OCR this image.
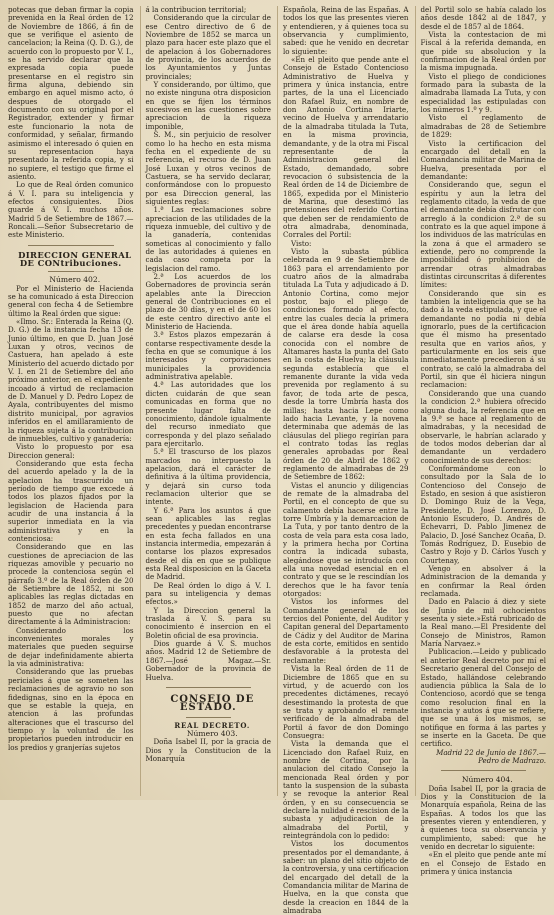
potecas que deban firmar la copia prevenida en la Real órden de 12 de Noviembre de 1866, á fin de que se verifique el asiento de cancelacion; la Reina (Q. D. G.), de acuerdo con lo propuesto por V. I., se ha servido declarar que la expresada copia puede presentarse en el registro sin firma alguna, debiendo sin embargo en aquel mismo acto, ó despues de otorgado el documento con su original por el Registrador, extender y firmar este funcionario la nota de conformidad, y señalar, firmando asimismo el interesado ó quien en su representacion haya presentado la referida copia, y si no supiere, el testigo que firme el asiento.

Lo que de Real órden comunico á V. I. para su inteligencia y efectos consiguientes. Dios guarde á V. I. muchos años. Madrid 5 de Setiembre de 1867.—Roncali.—Señor Subsecretario de este Ministerio.

DIRECCION GENERAL DE CONtribuciones.

Número 402.

Por el Ministerio de Hacienda se ha comunicado á esta Direccion general con fecha 4 de Setiembre último la Real órden que sigue:

«Ilmo. Sr.: Enterada la Reina (Q. D. G.) de la instancia fecha 13 de Junio último, en que D. Juan José Luxan y otros, vecinos de Castuera, han apelado á este Ministerio del acuerdo dictado por V. I. en 21 de Setiembre del año próximo anterior, en el expediente incoado á virtud de reclamacion de D. Manuel y D. Pedro Lopez de Ayala, contribuyentes del mismo distrito municipal, por agravios inferidos en el amillaramiento de la riqueza sujeta á la contribucion de inmuebles, cultivo y ganadería:

Visto lo propuesto por esa Direccion general:

Considerando que esta fecha del acuerdo apelado y la de la apelacion ha trascurrido un período de tiempo que excede á todos los plazos fijados por la legislacion de Hacienda para acudir de una instancia á la superior inmediata en la via administrativa y en la contenciosa:

Considerando que en las cuestiones de apreciacion de las riquezas amovible y pecuario no procede la contenciosa según el párrafo 3.º de la Real órden de 20 de Setiembre de 1852, ni son aplicables las reglas dictadas en 1852 de marzo del año actual, puesto que no afectan directamente á la Administracion:

Considerando los inconvenientes morales y materiales que pueden seguirse de dejar indefinidamente abierta la via administrativa:

Considerando que las pruebas periciales á que se someten las reclamaciones de agravio no son fidedignas, sino en la época en que se estable la queja, en atencion á las profundas alteraciones que el trascurso del tiempo y la voluntad de los propietarios pueden introducir en los predios y granjerías sujetos

á la contribucion territorial;

Considerando que la circular de ese Centro directivo de 6 de Noviembre de 1852 se marca un plazo para hacer este plazo que el de apelacion á los Gobernadores de provincia, de los acuerdos de los Ayuntamientos y Juntas provinciales;

Y considerando, por último, que no existe ninguna otra disposicion en que se fijen los términos sucesivos en las cuestiones sobre apreciacion de la riqueza imponible,

S. M., sin perjuicio de resolver como lo ha hecho en esta misma fecha en el expediente de su referencia, el recurso de D. Juan José Luxan y otros vecinos de Castuera, se ha servido declarar, conformándose con lo propuesto por esa Direccion general, las siguientes reglas:

1.ª Las reclamaciones sobre apreciacion de las utilidades de la riqueza inmueble, del cultivo y de la ganadería, contenidas someticas al conocimiento y fallo de las autoridades á quienes en cada caso competa por la legislacion del ramo.

2.ª Los acuerdos de los Gobernadores de provincia serán apelables ante la Direccion general de Contribuciones en el plazo de 30 días, y en el de 60 los de este centro directivo ante el Ministerio de Hacienda.

3.ª Estos plazos empezarán á contarse respectivamente desde la fecha en que se comunique á los interesados y corporaciones municipales la providencia administrativa apelable.

4.ª Las autoridades que los dicten cuidarán de que sean comunicadas en forma que no presente lugar falta de conocimiento, dándole igualmente del recurso inmediato que corresponda y del plazo señalado para ejercitarlo.

5.ª El trascurso de los plazos marcados no interpuesto la apelacion, dará el carácter de definitiva á la última providencia, y dejará sin curso toda reclamacion ulterior que se intente.

Y 6.ª Para los asuntos á que sean aplicables las reglas precedentes y puedan encontrarse en esta fecha fallados en una instancia intermedia, empezarán á contarse los plazos expresados desde el día en que se publique esta Real disposicion en la Gaceta de Madrid.

De Real órden lo digo á V. I. para su inteligencia y demas efectos.»

Y la Direccion general la traslada á V. S. para su conocimiento é insercion en el Boletin oficial de esa provincia.

Dios guarde á V. S. muchos años. Madrid 12 de Setiembre de 1867.—José Magaz.—Sr. Gobernador de la provincia de Huelva.

CONSEJO DE ESTADO.

REAL DECRETO.

Número 403.

Doña Isabel II, por la gracia de Dios y la Constitucion de la Monarquía

Española, Reina de las Españas. A todos los que las presentes vieren y entendieren, y á quienes toca su observancia y cumplimiento, sabed: que he venido en decretar lo siguiente:

«En el pleito que pende ante el Consejo de Estado Contencioso Administrativo de Huelva y primera y única instancia, entre partes, de la una el Licenciado don Rafael Ruiz, en nombre de don Antonio Cortina Iriarte, vecino de Huelva y arrendatario de la almadraba titulada la Tuta, en la misma provincia, demandante, y de la otra mi Fiscal representante de la Administracion general del Estado, demandado, sobre revocacion ó subsistencia de la Real órden de 14 de Diciembre de 1865, expedida por el Ministerio de Marina, que desestimó las pretensiones del referido Cortina que deben ser de rendamiento de otra almadraba, denominada, Corrales del Portil:

Visto:

Visto la subasta pública celebrada en 9 de Setiembre de 1863 para el arrendamiento por cuatro años de la almadraba titulada La Tuta y adjudicado á D. Antonio Cortina, como mejor postor, bajo el pliego de condiciones formado al efecto, entre las cuales decía la primera que el área donde había aquella de calarse era desde la cosa conocida con el nombre de Altamares hasta la punta del Gato en la costa de Huelva; la cláusula segunda establecía que el remanente durante la vida veda prevenida por reglamento á su favor, de toda arte de pesca, desde la torre Umbría hasta dos millas; hasta hacia Lepe como lado hacia Levante, y la novena determinaba que además de las cláusulas del pliego regirían para el contrato todas las reglas generales aprobadas por Real órden de 20 de Abril de 1862 y reglamento de almadrabas de 29 de Setiembre de 1862:

Vistas el anuncio y diligencias de remate de la almadraba del Portil, en el concepto de que su calamento debía hacerse entre la torre Umbría y la demarcacion de La Tuta, y por tanto dentro de la costa de vela para esta cosa lado, y la primera hecha por Cortina contra la indicada subasta, alegándose que se introducía con ella una novedad esencial en el contrato y que se le rescindían los derechos que le ha favor tenía otorgados:

Vistos los informes del Comandante general de los tercios del Poniente, del Auditor y Capitan general del Departamento de Cádiz y del Auditor de Marina de esta corte, emitidos en sentido desfavorable á la protesta del reclamante:

Vista la Real órden de 11 de Diciembre de 1865 que en su virtud, y de acuerdo con los precedentes dictámenes, recayó desestimando la protesta de que se trata y aprobando el remate verificado de la almadraba del Portil á favor de don Domingo Consuegra:

Vista la demanda que el Licenciado don Rafael Ruiz, en nombre de Cortina, por la anulacion del citado Consejo la mencionada Real órden y por tanto la suspension de la subasta y se revoque la anterior Real órden, y en su consecuencia se declare la nulidad é rescision de la subasta y adjudicacion de la almadraba del Portil, y reintegrándola con lo pedido:

Vistos los documentos presentados por el demandante, á saber: un plano del sitio objeto de la controversia, y una certificacion del encargado del detall de la Comandancia militar de Marina de Huelva, en la que consta que desde la creacion en 1844 de la almadraba

del Portil solo se había calado los años desde 1842 al de 1847, y desde el de 1857 al de 1864.

Vista la contestacion de mi Fiscal á la referida demanda, en que pide su absolucion y la confirmacion de la Real órden por la misma impugnada.

Visto el pliego de condiciones formado para la subasta de la almadraba llamada La Tuta, y con especialidad las estipuladas con los números 1.º y 9.

Visto el reglamento de almadrabas de 28 de Setiembre de 1829:

Visto la certificacion del encargado del detall en la Comandancia militar de Marina de Huelva, presentada por el demandante:

Considerando que, segun el espíritu y aun la letra del reglamento citado, la veda de que el demandante debía disfrutar con arreglo á la condicion 2.ª de su contrato es la que aquel impone á los individuos de las matrículas en la zona á que el armadero se extiende, pero no comprende la imposibilidad ó prohibicion de arrendar otras almadrabas distintas circunscritas á diferentes límites:

Considerando que sin es tambien la inteligencia que se ha dado á la veda estipulada, y que el demandante no podía ni debía ignorarlo, pues de la certificacion que él mismo ha presentado resulta que en varios años, y particularmente en los seis que inmediatamente precedieron á su contrato, se caló la almadraba del Portil, sin que él hiciera ningun reclamacion:

Considerando que una cuando la condicion 2.ª hubiera ofrecido alguna duda, la referencia que en la 9.ª se hace al reglamento de almadrabas, y la necesidad de observarle, le habrían aclarado y de todos modos deberían dar al demandante un verdadero conocimiento de sus derechos:

Conformándome con lo consultado por la Sala de lo Contencioso del Consejo de Estado, en sesion á que asistieron D. Domingo Ruiz de la Vega, Presidente, D. José Lorenzo, D. Antonio Escudero, D. Andrés de Echevarri, D. Pablo Jimenez de Palacio, D. José Sanchez Ocaña, D. Tomás Rodríguez, D. Eusebio de Castro y Rojo y D. Cárlos Yusch y Courtenay,

Vengo en absolver á la Administracion de la demanda y en confirmar la Real órden reclamada.

Dado en Palacio á diez y siete de Junio de mil ochocientos sesenta y siete.»Está rubricado de la Real mano.—El Presidente del Consejo de Ministros, Ramon María Narvaez.»

Publicacion.—Leido y publicado el anterior Real decreto por mí el Secretario general del Consejo de Estado, hallándose celebrando audiencia pública la Sala de lo Contencioso, acordó que se tenga como resolucion final en la instancia y autos á que se refiere, que se una á los mismos, se notifique en forma á las partes y se inserte en la Gaceta. De que certifico.

Madrid 22 de Junio de 1867.—Pedro de Madrazo.

Número 404.

Doña Isabel II, por la gracia de Dios y la Constitucion de la Monarquía española, Reina de las Españas. A todos los que las presentes vieren y entendieren, y á quienes toca su observancia y cumplimiento, sabed: que he venido en decretar lo siguiente:

«En el pleito que pende ante mí en el Consejo de Estado en primera y única instancia
